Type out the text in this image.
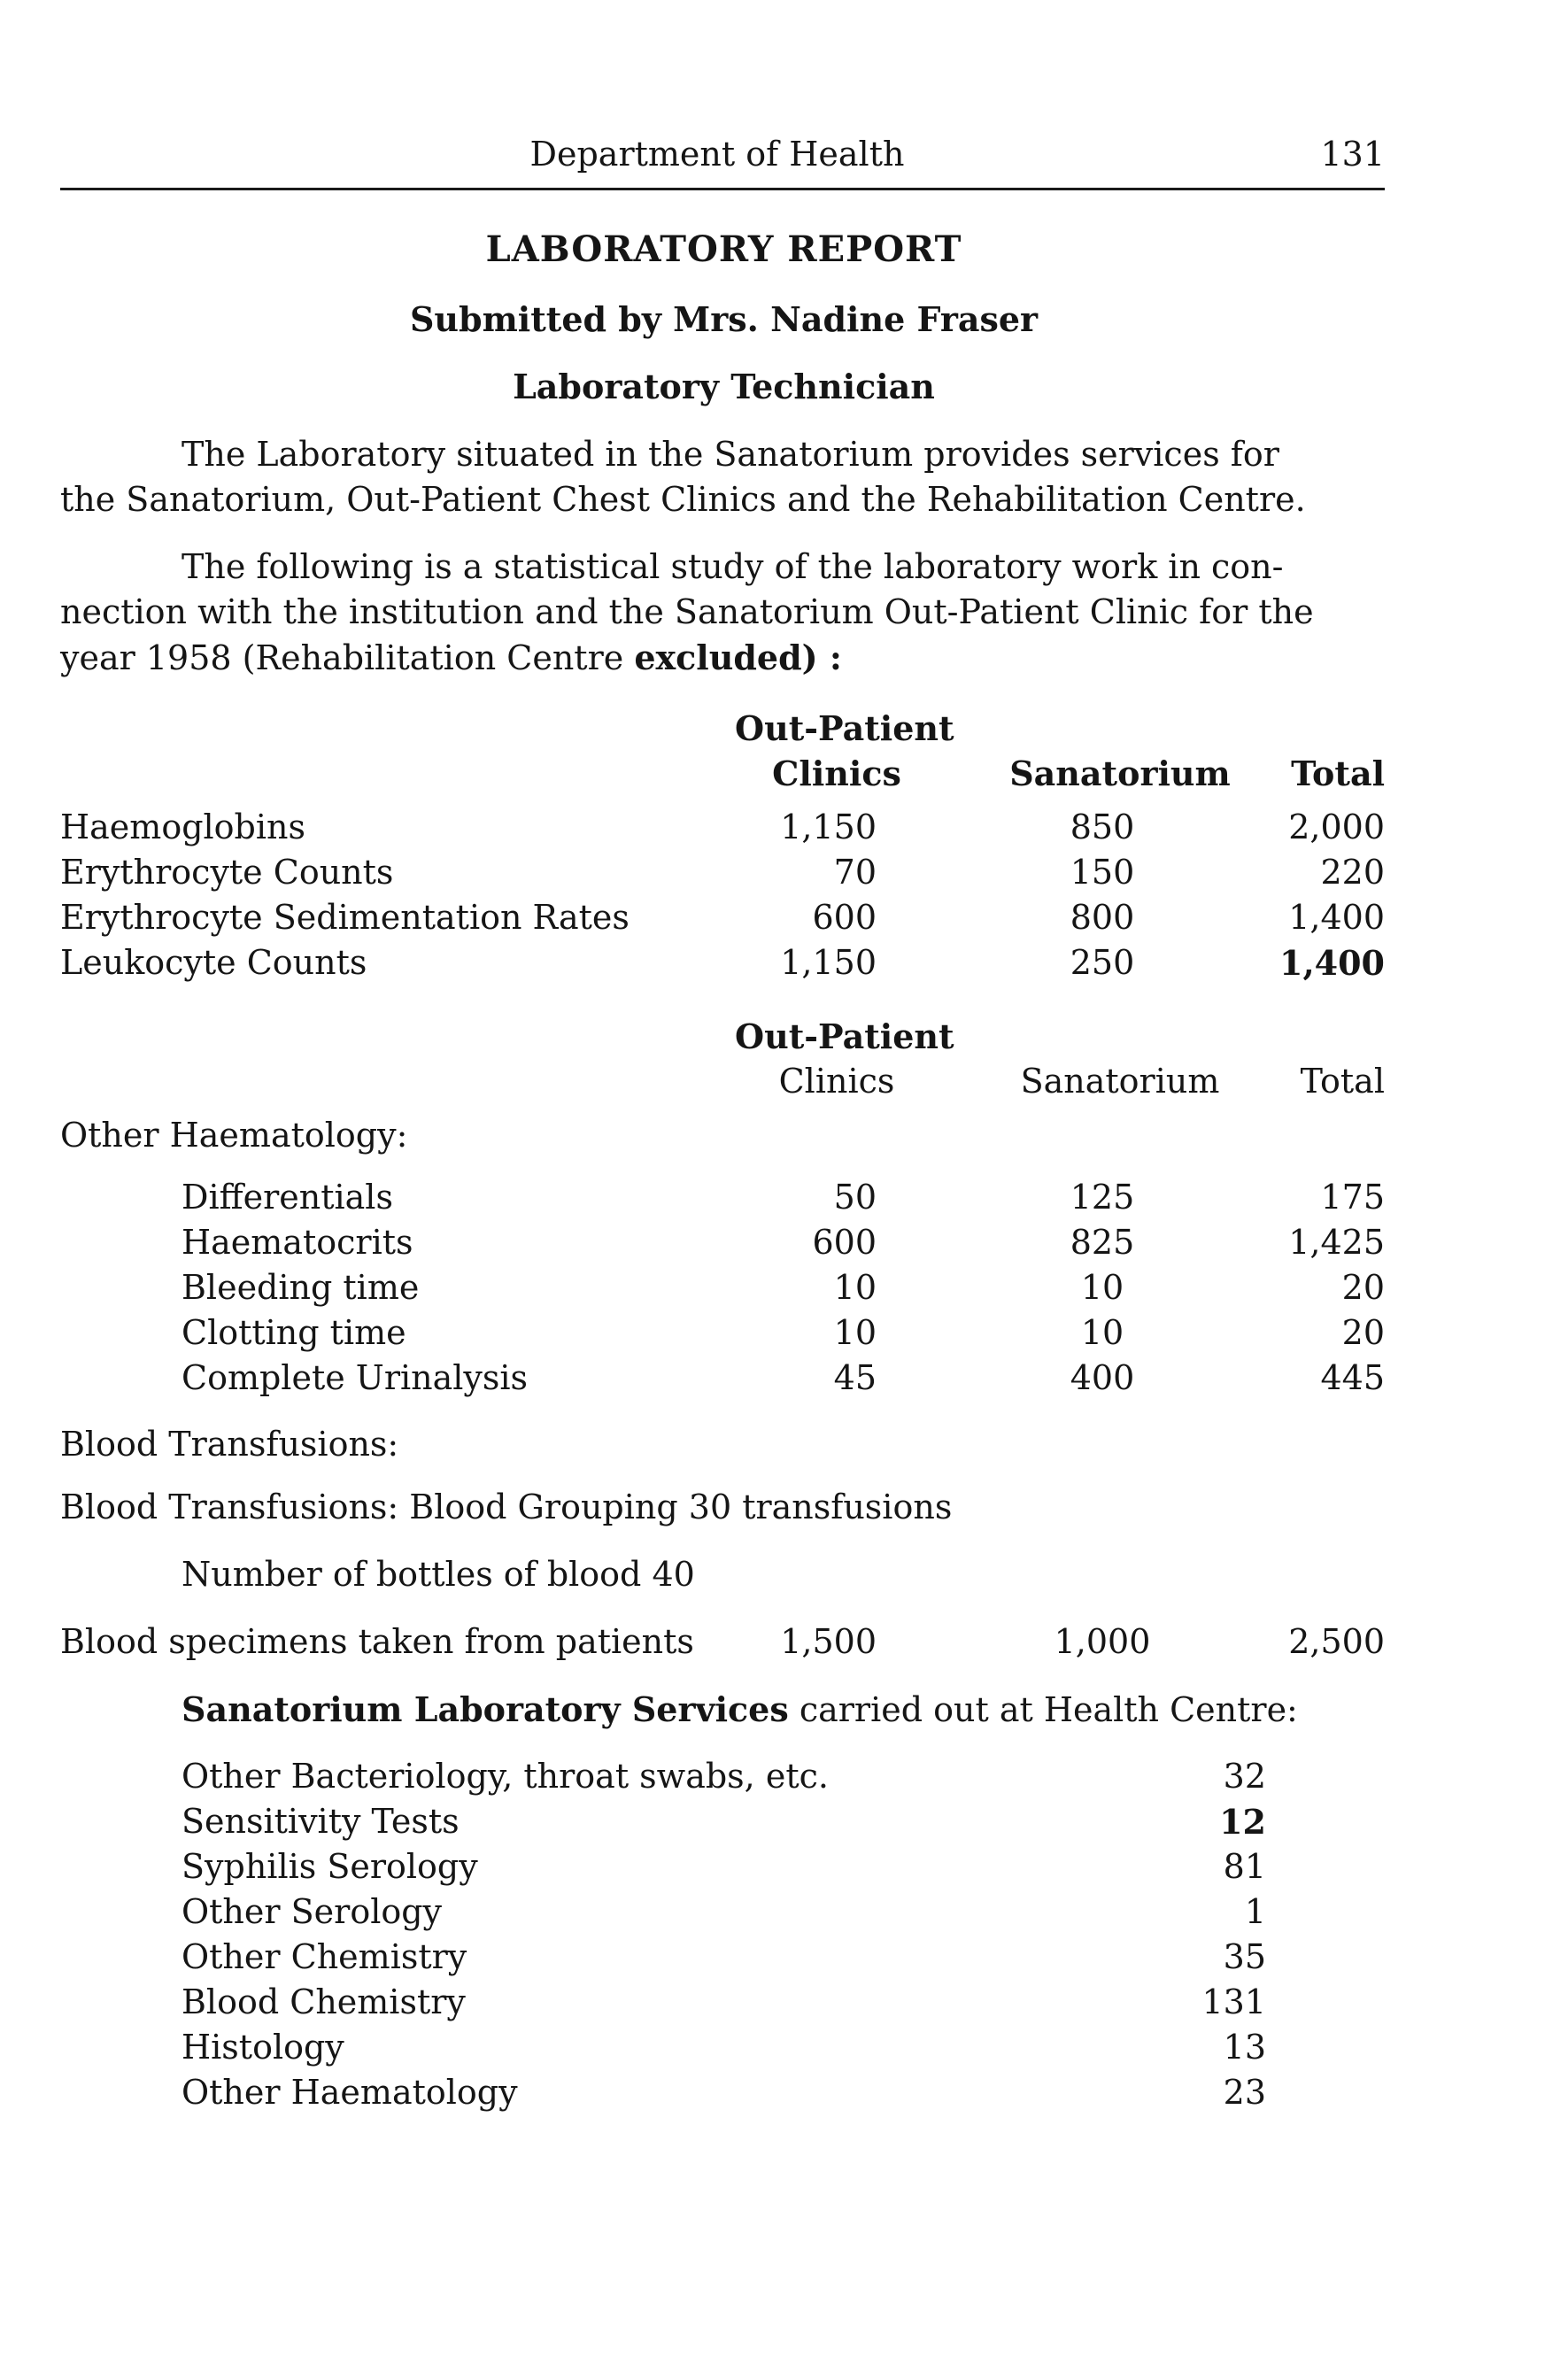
Department of Health	131
LABORATORY REPORT
Submitted by Mrs. Nadine Fraser
Laboratory Technician
The Laboratory situated in the Sanatorium provides services for
the Sanatorium, Out-Patient Chest Clinics and the Rehabilitation Centre.
The following is a statistical study of the laboratory work in con-
nection with the institution and the Sanatorium Out-Patient Clinic for the
year 1958 (Rehabilitation Centre excluded) :
Out-Patient
Clinics	Sanatorium	Total
Haemoglobins	1,150	850	2,000
Erythrocyte Counts	70	150	220
Erythrocyte Sedimentation Rates	600	800	1,400
Leukocyte Counts	1,150	250	1,400
Out-Patient
Clinics	Sanatorium	Total
Other Haematology:
Differentials	50	125	175
Haematocrits	600	825	1,425
Bleeding time	10	10	20
Clotting time	10	10	20
Complete Urinalysis	45	400	445
Blood Transfusions:
Blood Transfusions: Blood Grouping 30 transfusions
Number of bottles of blood 40
Blood specimens taken from patients	1,500	1,000	2,500
Sanatorium Laboratory Services carried out at Health Centre:
Other Bacteriology, throat swabs, etc.	32
Sensitivity Tests	12
Syphilis Serology	81
Other Serology	1
Other Chemistry	35
Blood Chemistry	131
Histology	13
Other Haematology	23
